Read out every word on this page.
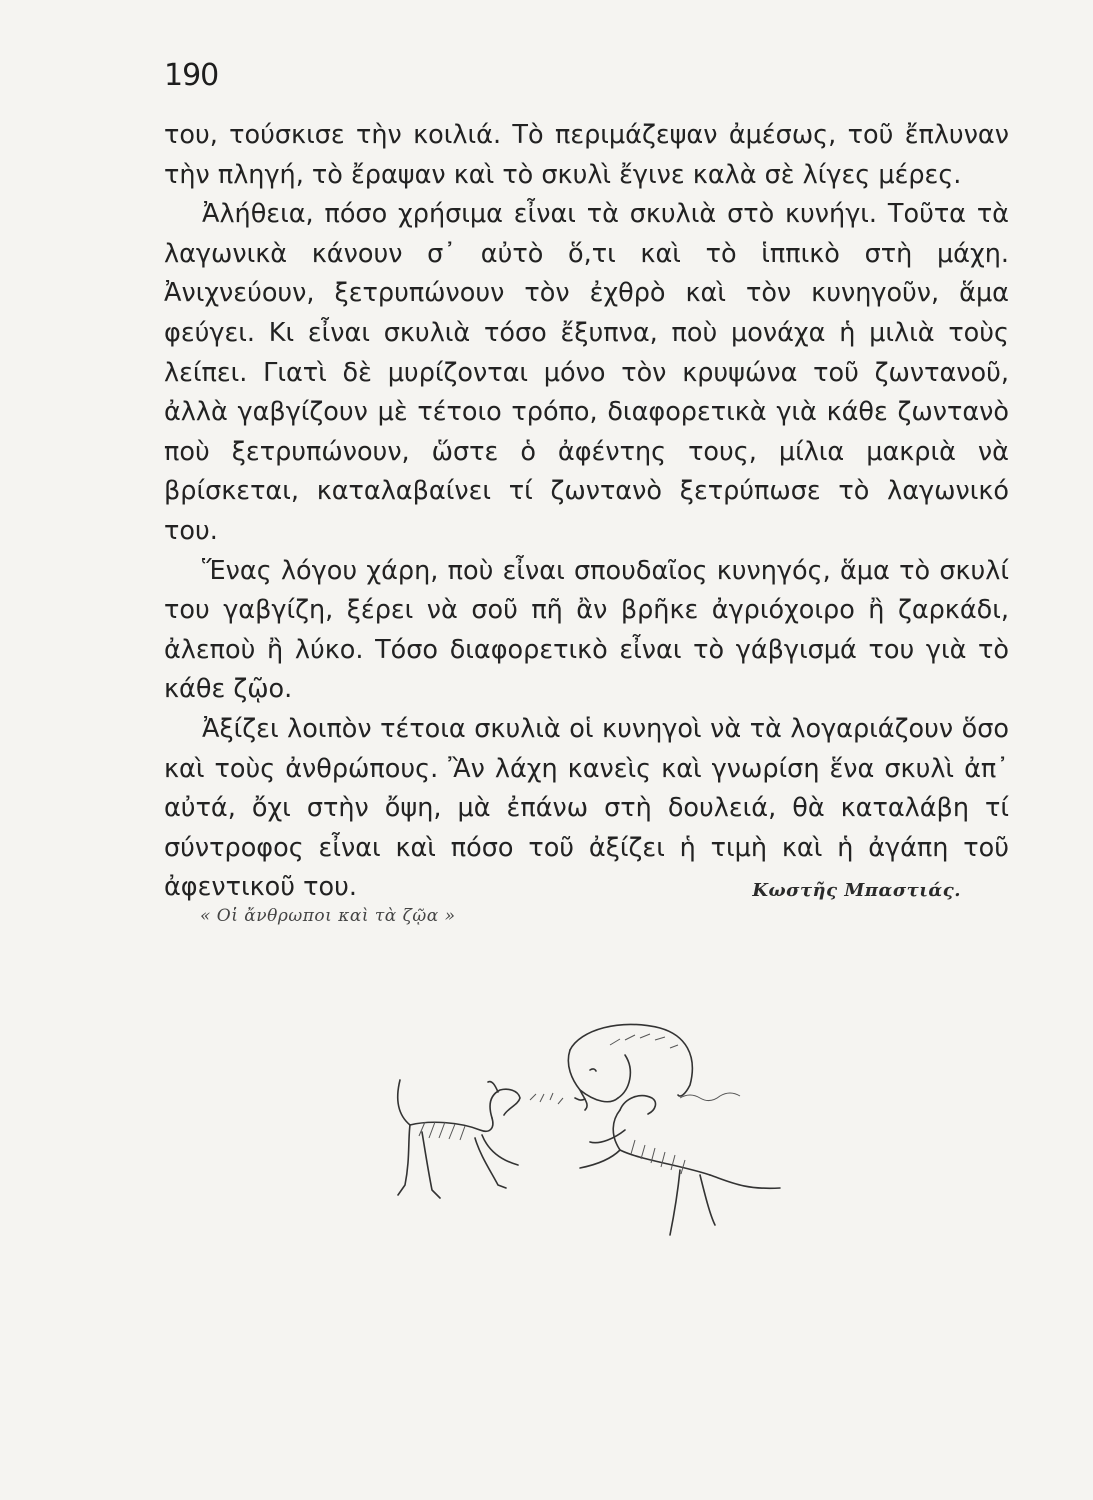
190

του, τούσκισε τὴν κοιλιά. Τὸ περιμάζεψαν ἀμέσως, τοῦ ἔπλυναν τὴν πληγή, τὸ ἔραψαν καὶ τὸ σκυλὶ ἔγινε καλὰ σὲ λίγες μέρες.

Ἀλήθεια, πόσο χρήσιμα εἶναι τὰ σκυλιὰ στὸ κυνήγι. Τοῦτα τὰ λαγωνικὰ κάνουν σ᾽ αὐτὸ ὅ,τι καὶ τὸ ἱππικὸ στὴ μάχη. Ἀνιχνεύουν, ξετρυπώνουν τὸν ἐχθρὸ καὶ τὸν κυνηγοῦν, ἅμα φεύγει. Κι εἶναι σκυλιὰ τόσο ἔξυπνα, ποὺ μονάχα ἡ μιλιὰ τοὺς λείπει. Γιατὶ δὲ μυρίζονται μόνο τὸν κρυψώνα τοῦ ζωντανοῦ, ἀλλὰ γαβγίζουν μὲ τέτοιο τρόπο, διαφορετικὰ γιὰ κάθε ζωντανὸ ποὺ ξετρυπώνουν, ὥστε ὁ ἀφέντης τους, μίλια μακριὰ νὰ βρίσκεται, καταλαβαίνει τί ζωντανὸ ξετρύπωσε τὸ λαγωνικό του.

Ἕνας λόγου χάρη, ποὺ εἶναι σπουδαῖος κυνηγός, ἅμα τὸ σκυλί του γαβγίζη, ξέρει νὰ σοῦ πῆ ἂν βρῆκε ἀγριόχοιρο ἢ ζαρκάδι, ἀλεποὺ ἢ λύκο. Τόσο διαφορετικὸ εἶναι τὸ γάβγισμά του γιὰ τὸ κάθε ζῷο.

Ἀξίζει λοιπὸν τέτοια σκυλιὰ οἱ κυνηγοὶ νὰ τὰ λογαριάζουν ὅσο καὶ τοὺς ἀνθρώπους. Ἂν λάχη κανεὶς καὶ γνωρίση ἕνα σκυλὶ ἀπ᾽ αὐτά, ὄχι στὴν ὄψη, μὰ ἐπάνω στὴ δουλειά, θὰ καταλάβη τί σύντροφος εἶναι καὶ πόσο τοῦ ἀξίζει ἡ τιμὴ καὶ ἡ ἀγάπη τοῦ ἀφεντικοῦ του.	Κωστῆς Μπαστιάς.
« Οἱ ἄνθρωποι καὶ τὰ ζῷα »
